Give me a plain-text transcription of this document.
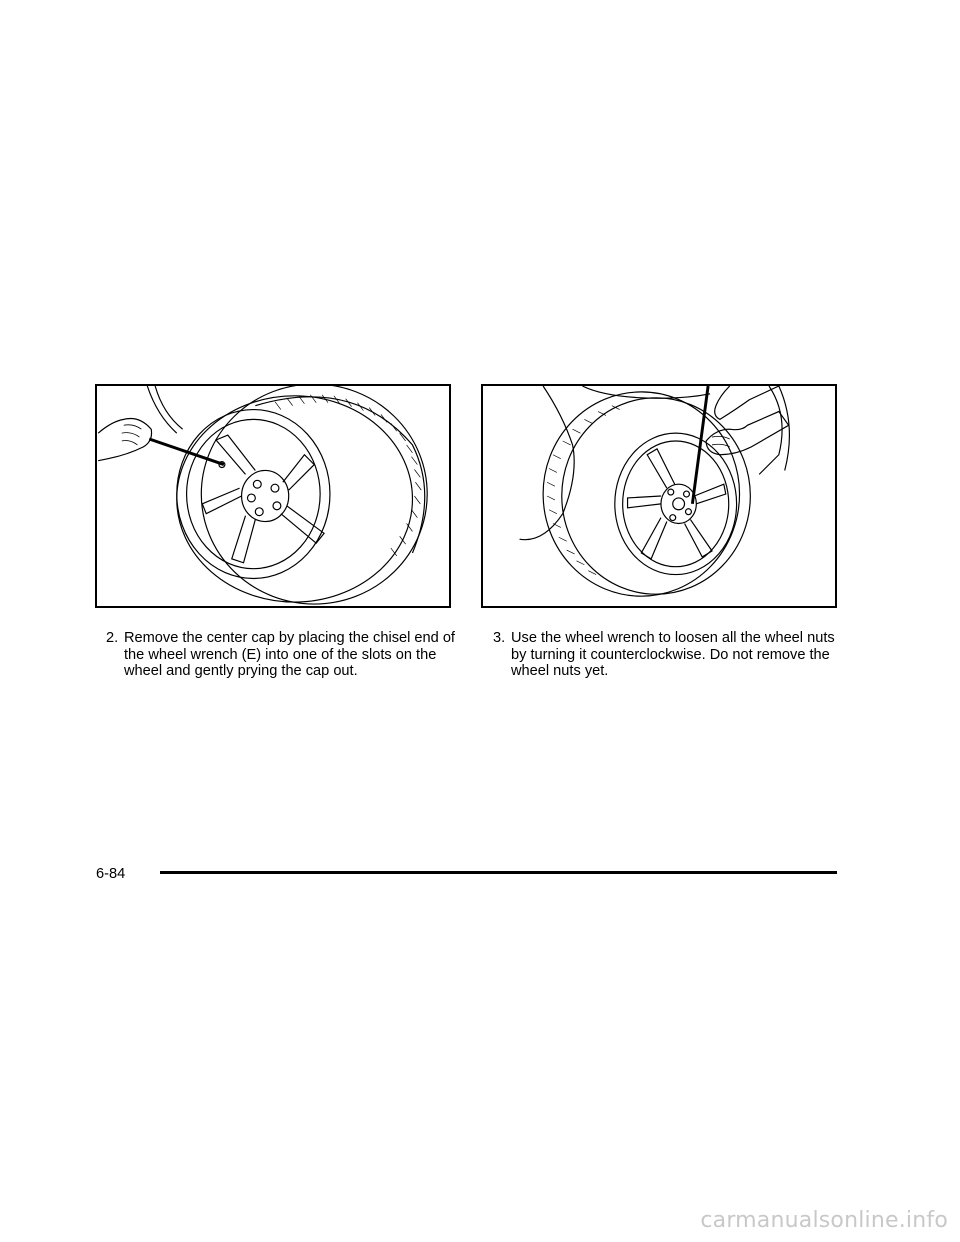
2. Remove the center cap by placing the chisel end of the wheel wrench (E) into one of the slots on the wheel and gently prying the cap out.
3. Use the wheel wrench to loosen all the wheel nuts by turning it counterclockwise. Do not remove the wheel nuts yet.
6-84
carmanualsonline.info
